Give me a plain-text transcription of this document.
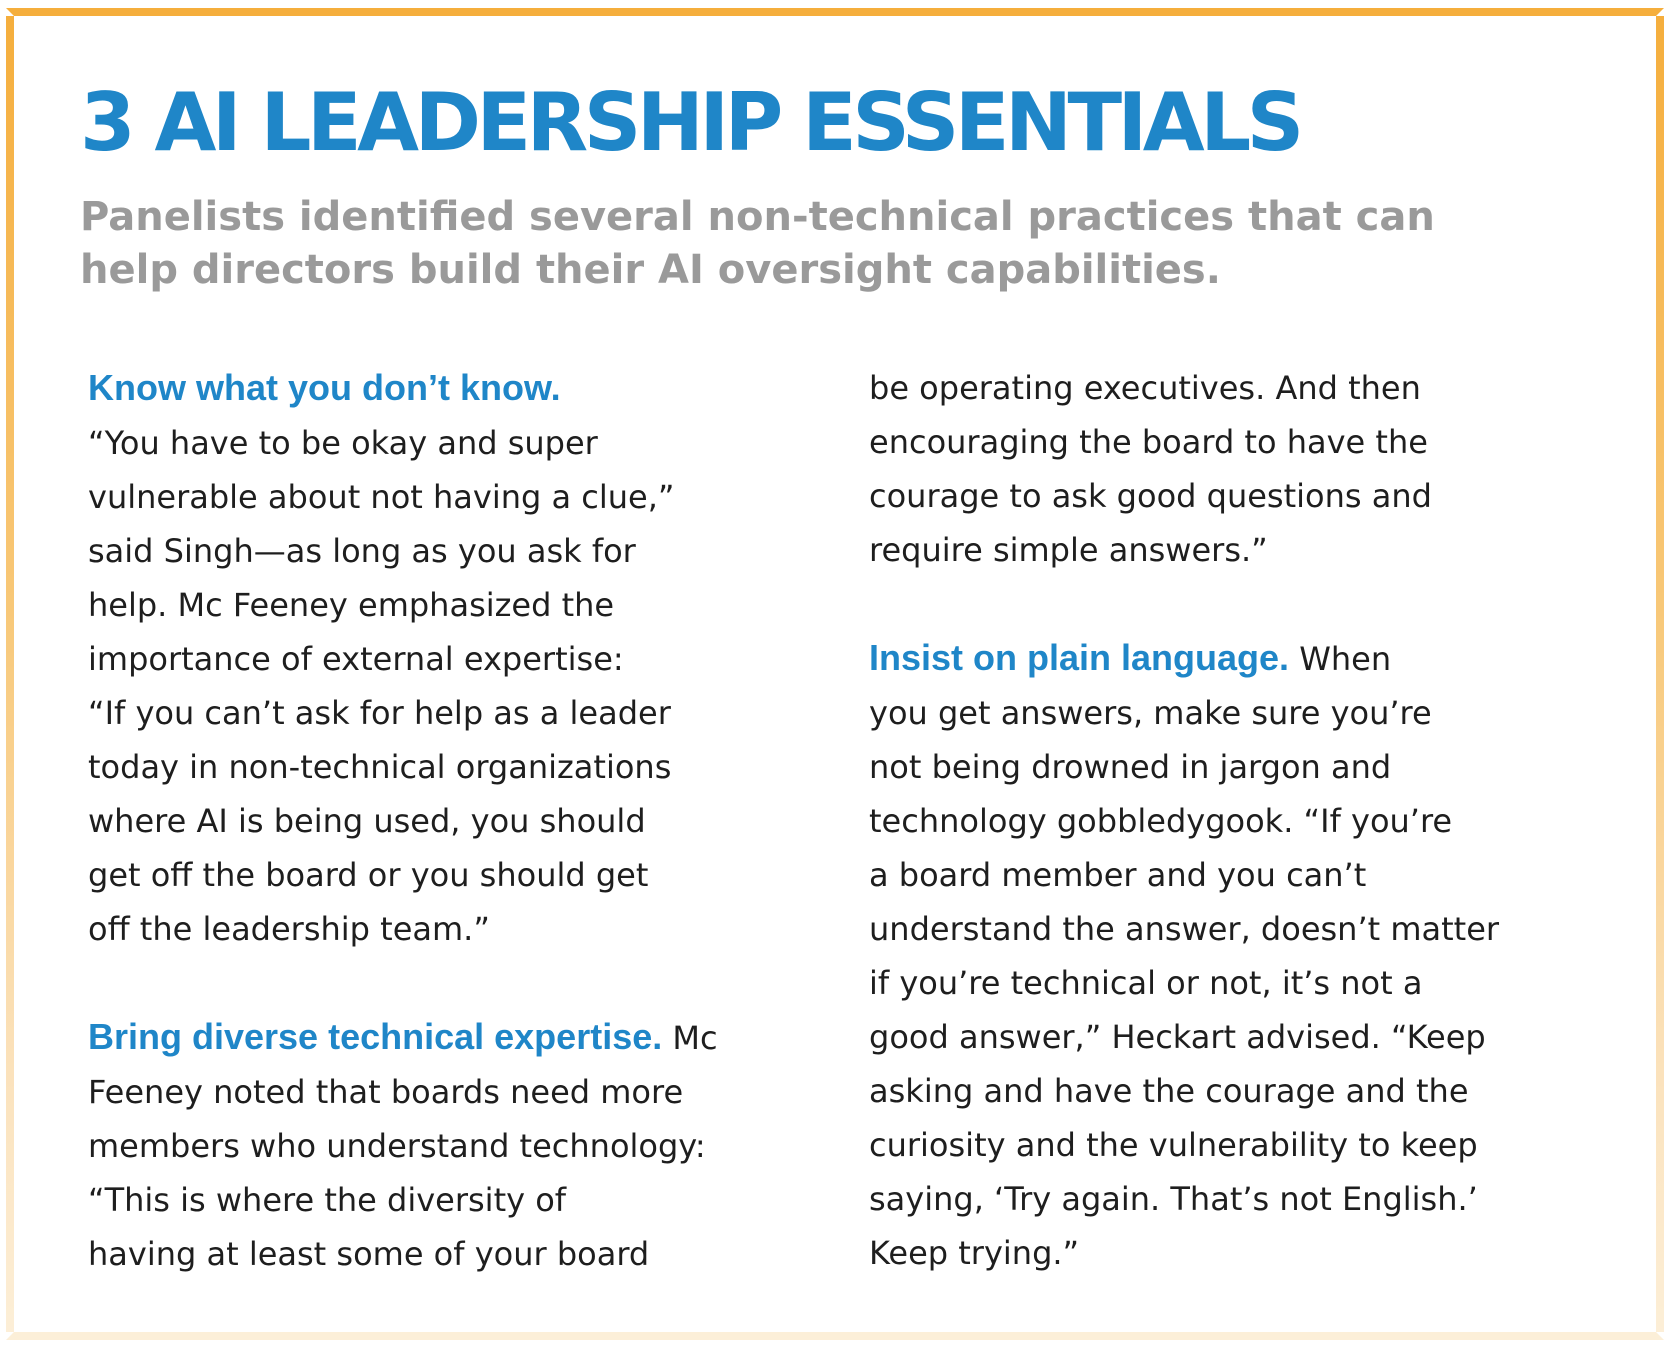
3 AI LEADERSHIP ESSENTIALS

Panelists identified several non-technical practices that can help directors build their AI oversight capabilities.

Know what you don’t know.
“You have to be okay and super
vulnerable about not having a clue,”
said Singh—as long as you ask for
help. Mc Feeney emphasized the
importance of external expertise:
“If you can’t ask for help as a leader
today in non-technical organizations
where AI is being used, you should
get off the board or you should get
off the leadership team.”
Bring diverse technical expertise. Mc
Feeney noted that boards need more
members who understand technology:
“This is where the diversity of
having at least some of your board
be operating executives. And then
encouraging the board to have the
courage to ask good questions and
require simple answers.”
Insist on plain language. When
you get answers, make sure you’re
not being drowned in jargon and
technology gobbledygook. “If you’re
a board member and you can’t
understand the answer, doesn’t matter
if you’re technical or not, it’s not a
good answer,” Heckart advised. “Keep
asking and have the courage and the
curiosity and the vulnerability to keep
saying, ‘Try again. That’s not English.’
Keep trying.”
